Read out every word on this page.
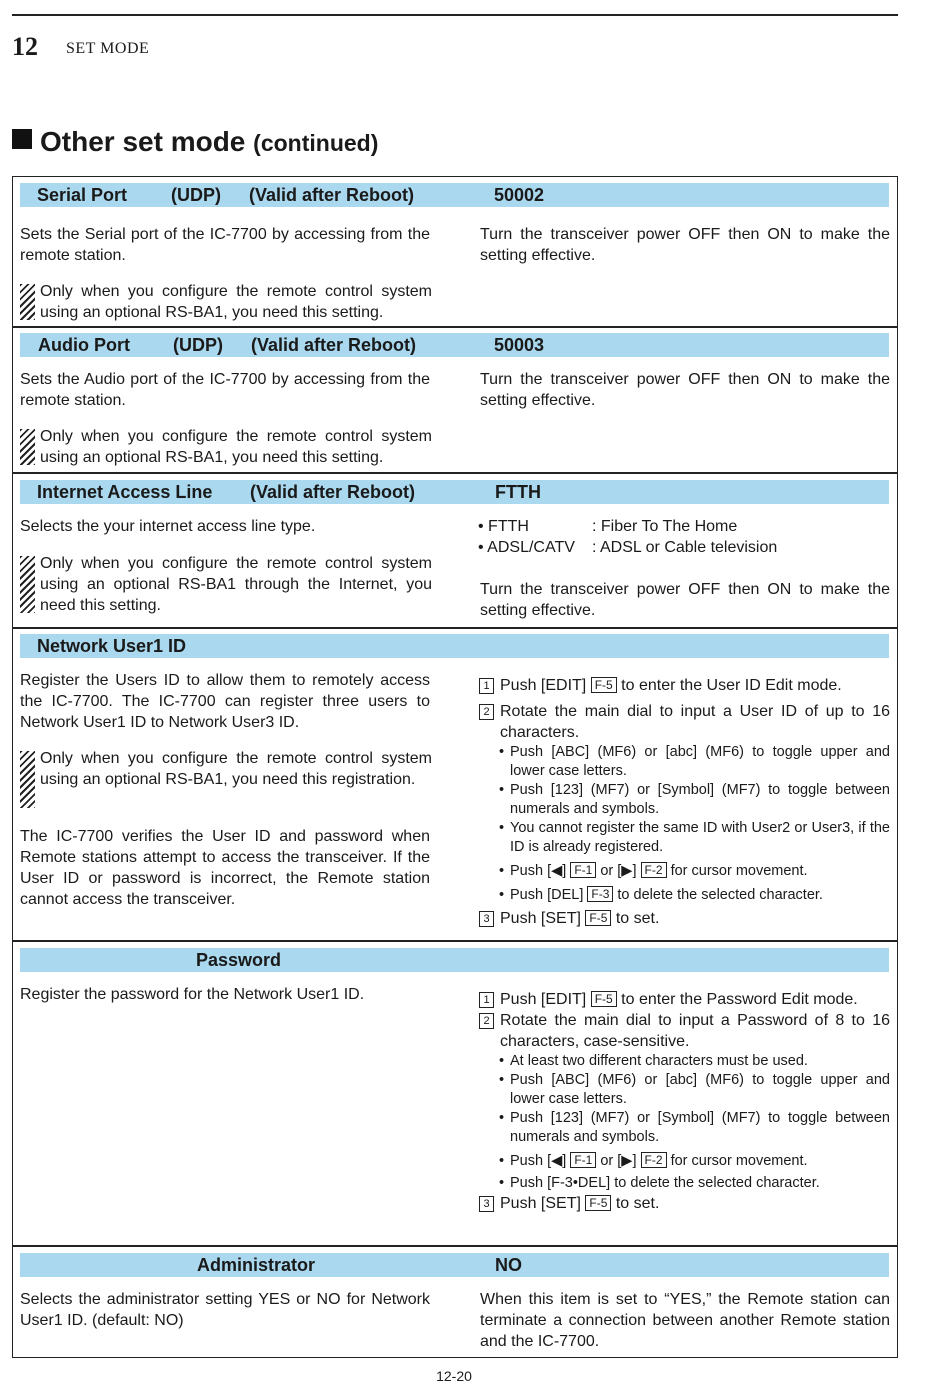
12 SET MODE
Other set mode (continued)
Serial Port (UDP) (Valid after Reboot)	50002
Sets the Serial port of the IC-7700 by accessing from the remote station.
Only when you configure the remote control system using an optional RS-BA1, you need this setting.
Turn the transceiver power OFF then ON to make the setting effective.
Audio Port (UDP) (Valid after Reboot)	50003
Sets the Audio port of the IC-7700 by accessing from the remote station.
Only when you configure the remote control system using an optional RS-BA1, you need this setting.
Turn the transceiver power OFF then ON to make the setting effective.
Internet Access Line (Valid after Reboot)	FTTH
Selects the your internet access line type.
Only when you configure the remote control system using an optional RS-BA1 through the Internet, you need this setting.
• FTTH	: Fiber To The Home
• ADSL/CATV : ADSL or Cable television
Turn the transceiver power OFF then ON to make the setting effective.
Network User1 ID
Register the Users ID to allow them to remotely access the IC-7700. The IC-7700 can register three users to Network User1 ID to Network User3 ID.
Only when you configure the remote control system using an optional RS-BA1, you need this registration.
The IC-7700 verifies the User ID and password when Remote stations attempt to access the transceiver. If the User ID or password is incorrect, the Remote station cannot access the transceiver.
1 Push [EDIT] F-5 to enter the User ID Edit mode.
2 Rotate the main dial to input a User ID of up to 16 characters.
• Push [ABC] (MF6) or [abc] (MF6) to toggle upper and lower case letters.
• Push [123] (MF7) or [Symbol] (MF7) to toggle between numerals and symbols.
• You cannot register the same ID with User2 or User3, if the ID is already registered.
• Push [◀] F-1 or [▶] F-2 for cursor movement.
• Push [DEL] F-3 to delete the selected character.
3 Push [SET] F-5 to set.
Password
Register the password for the Network User1 ID.	1 Push [EDIT] F-5 to enter the Password Edit mode.
2 Rotate the main dial to input a Password of 8 to 16 characters, case-sensitive.
• At least two different characters must be used.
• Push [ABC] (MF6) or [abc] (MF6) to toggle upper and lower case letters.
• Push [123] (MF7) or [Symbol] (MF7) to toggle between numerals and symbols.
• Push [◀] F-1 or [▶] F-2 for cursor movement.
• Push [F-3•DEL] to delete the selected character.
3 Push [SET] F-5 to set.
Administrator	NO
Selects the administrator setting YES or NO for Network User1 ID. (default: NO)
When this item is set to “YES,” the Remote station can terminate a connection between another Remote station and the IC-7700.
12-20
